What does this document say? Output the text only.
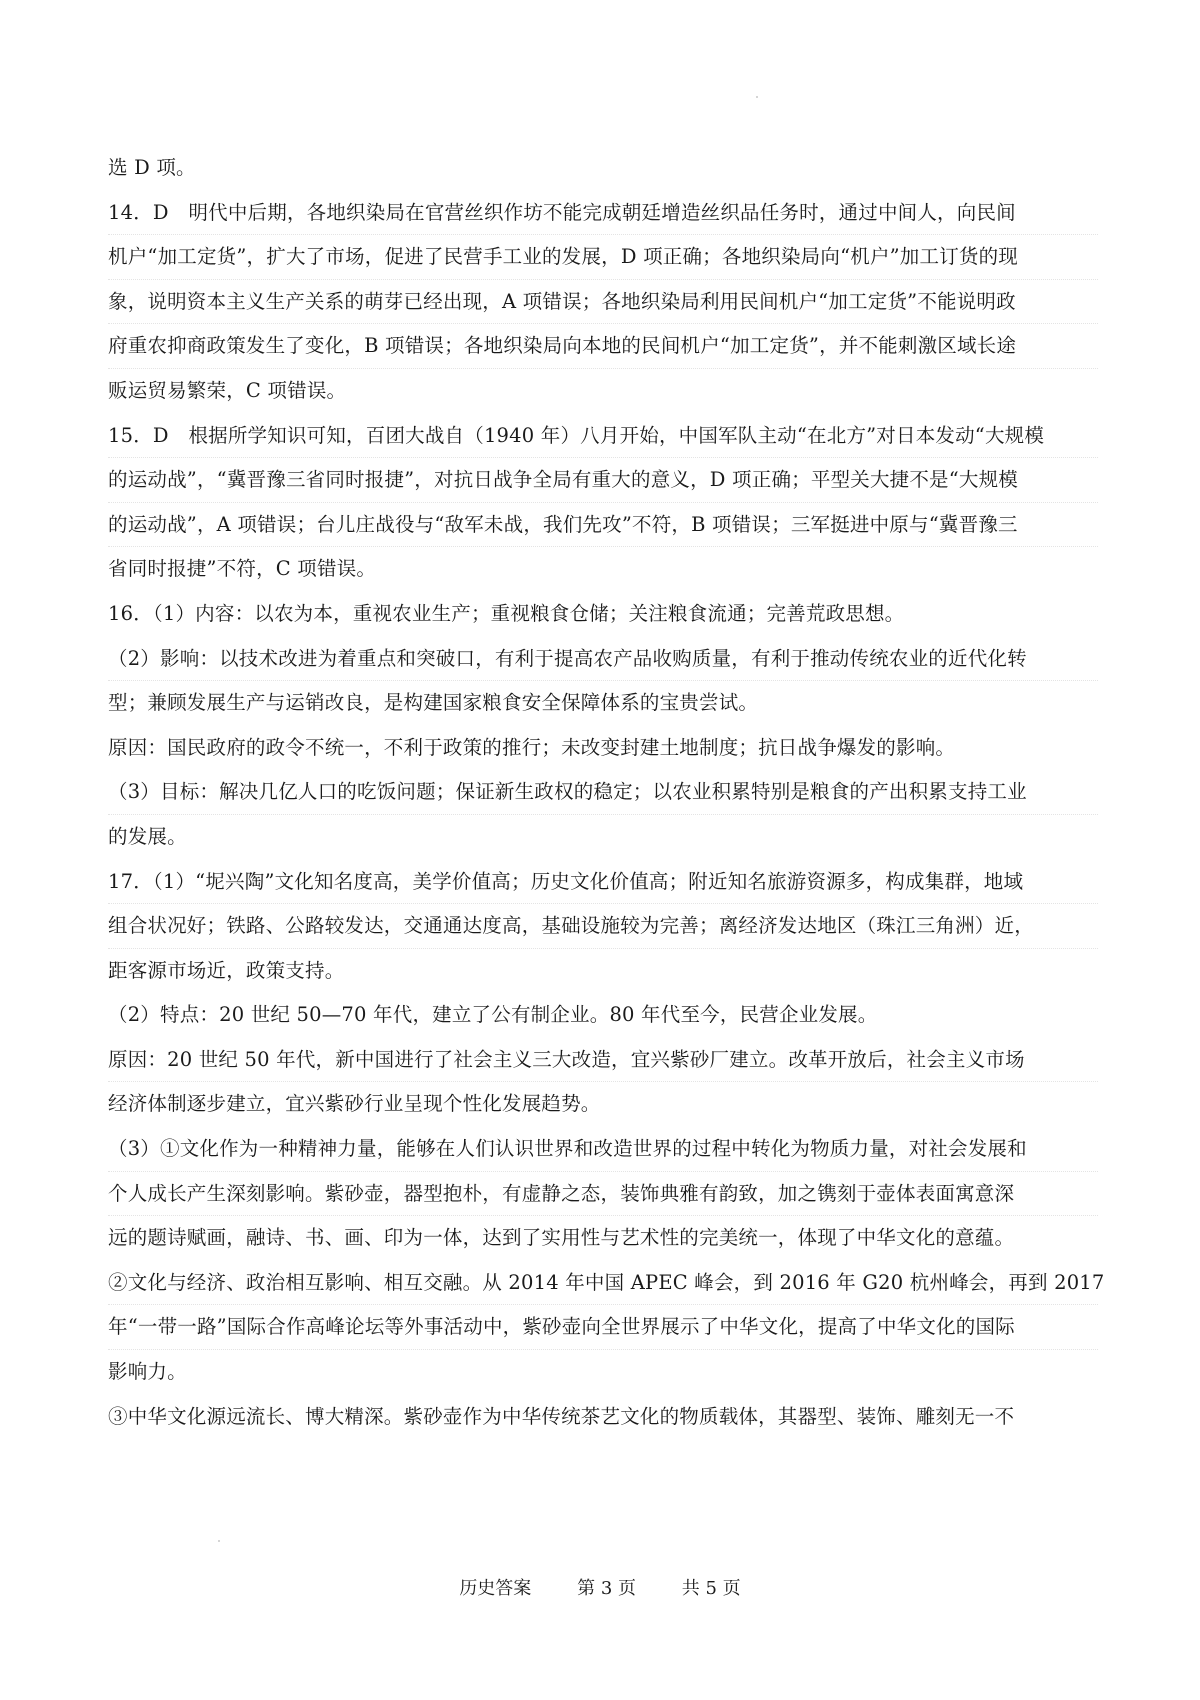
选 D 项。
14．D　明代中后期，各地织染局在官营丝织作坊不能完成朝廷增造丝织品任务时，通过中间人，向民间
机户“加工定货”，扩大了市场，促进了民营手工业的发展，D 项正确；各地织染局向“机户”加工订货的现
象，说明资本主义生产关系的萌芽已经出现，A 项错误；各地织染局利用民间机户“加工定货”不能说明政
府重农抑商政策发生了变化，B 项错误；各地织染局向本地的民间机户“加工定货”，并不能刺激区域长途
贩运贸易繁荣，C 项错误。
15．D　根据所学知识可知，百团大战自（1940 年）八月开始，中国军队主动“在北方”对日本发动“大规模
的运动战”，“冀晋豫三省同时报捷”，对抗日战争全局有重大的意义，D 项正确；平型关大捷不是“大规模
的运动战”，A 项错误；台儿庄战役与“敌军未战，我们先攻”不符，B 项错误；三军挺进中原与“冀晋豫三
省同时报捷”不符，C 项错误。
16．（1）内容：以农为本，重视农业生产；重视粮食仓储；关注粮食流通；完善荒政思想。
（2）影响：以技术改进为着重点和突破口，有利于提高农产品收购质量，有利于推动传统农业的近代化转
型；兼顾发展生产与运销改良，是构建国家粮食安全保障体系的宝贵尝试。
原因：国民政府的政令不统一，不利于政策的推行；未改变封建土地制度；抗日战争爆发的影响。
（3）目标：解决几亿人口的吃饭问题；保证新生政权的稳定；以农业积累特别是粮食的产出积累支持工业
的发展。
17．（1）“坭兴陶”文化知名度高，美学价值高；历史文化价值高；附近知名旅游资源多，构成集群，地域
组合状况好；铁路、公路较发达，交通通达度高，基础设施较为完善；离经济发达地区（珠江三角洲）近，
距客源市场近，政策支持。
（2）特点：20 世纪 50—70 年代，建立了公有制企业。80 年代至今，民营企业发展。
原因：20 世纪 50 年代，新中国进行了社会主义三大改造，宜兴紫砂厂建立。改革开放后，社会主义市场
经济体制逐步建立，宜兴紫砂行业呈现个性化发展趋势。
（3）①文化作为一种精神力量，能够在人们认识世界和改造世界的过程中转化为物质力量，对社会发展和
个人成长产生深刻影响。紫砂壶，器型抱朴，有虚静之态，装饰典雅有韵致，加之镌刻于壶体表面寓意深
远的题诗赋画，融诗、书、画、印为一体，达到了实用性与艺术性的完美统一，体现了中华文化的意蕴。
②文化与经济、政治相互影响、相互交融。从 2014 年中国 APEC 峰会，到 2016 年 G20 杭州峰会，再到 2017
年“一带一路”国际合作高峰论坛等外事活动中，紫砂壶向全世界展示了中华文化，提高了中华文化的国际
影响力。
③中华文化源远流长、博大精深。紫砂壶作为中华传统茶艺文化的物质载体，其器型、装饰、雕刻无一不
历史答案	第 3 页	共 5 页
